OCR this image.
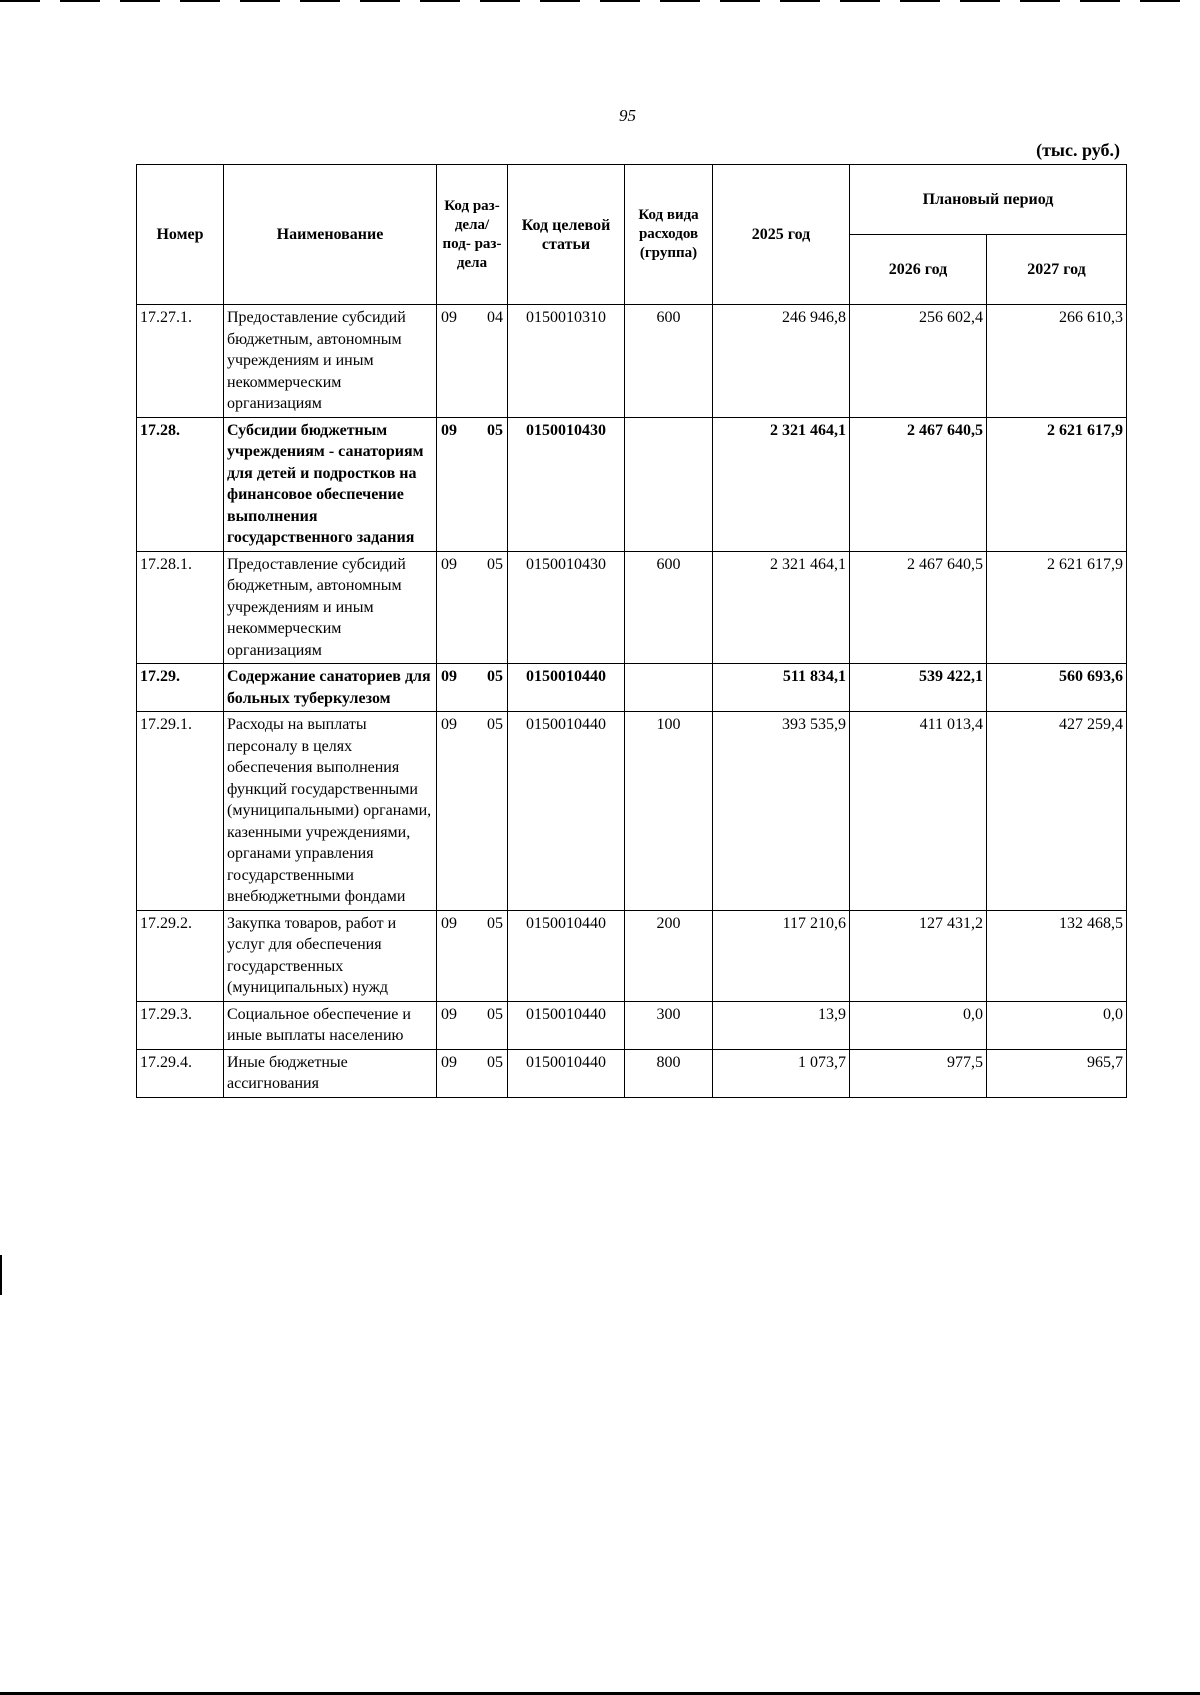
95
(тыс. руб.)
Номер	Наименование	Код раз- дела/ под- раз- дела	Код целевой статьи	Код вида расходов (группа)	2025 год	Плановый период	
						2026 год	2027 год
17.27.1.	Предоставление субсидий бюджетным, автономным учреждениям и иным некоммерческим организациям	09 04	0150010310	600	246 946,8	256 602,4	266 610,3
17.28.	Субсидии бюджетным учреждениям - санаториям для детей и подростков на финансовое обеспечение выполнения государственного задания	09 05	0150010430		2 321 464,1	2 467 640,5	2 621 617,9
17.28.1.	Предоставление субсидий бюджетным, автономным учреждениям и иным некоммерческим организациям	09 05	0150010430	600	2 321 464,1	2 467 640,5	2 621 617,9
17.29.	Содержание санаториев для больных туберкулезом	09 05	0150010440		511 834,1	539 422,1	560 693,6
17.29.1.	Расходы на выплаты персоналу в целях обеспечения выполнения функций государственными (муниципальными) органами, казенными учреждениями, органами управления государственными внебюджетными фондами	09 05	0150010440	100	393 535,9	411 013,4	427 259,4
17.29.2.	Закупка товаров, работ и услуг для обеспечения государственных (муниципальных) нужд	09 05	0150010440	200	117 210,6	127 431,2	132 468,5
17.29.3.	Социальное обеспечение и иные выплаты населению	09 05	0150010440	300	13,9	0,0	0,0
17.29.4.	Иные бюджетные ассигнования	09 05	0150010440	800	1 073,7	977,5	965,7
